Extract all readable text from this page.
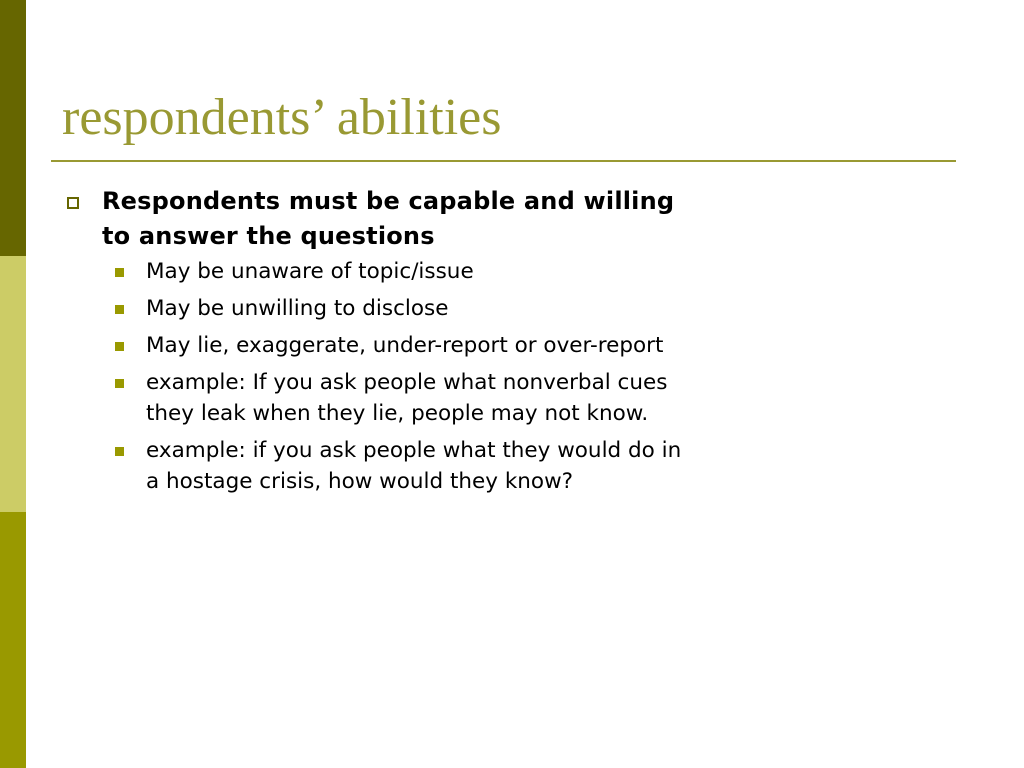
respondents’ abilities
Respondents must be capable and willing
to answer the questions
May be unaware of topic/issue
May be unwilling to disclose
May lie, exaggerate, under-report or over-report
example: If you ask people what nonverbal cues
they leak when they lie, people may not know.
example: if you ask people what they would do in
a hostage crisis, how would they know?
